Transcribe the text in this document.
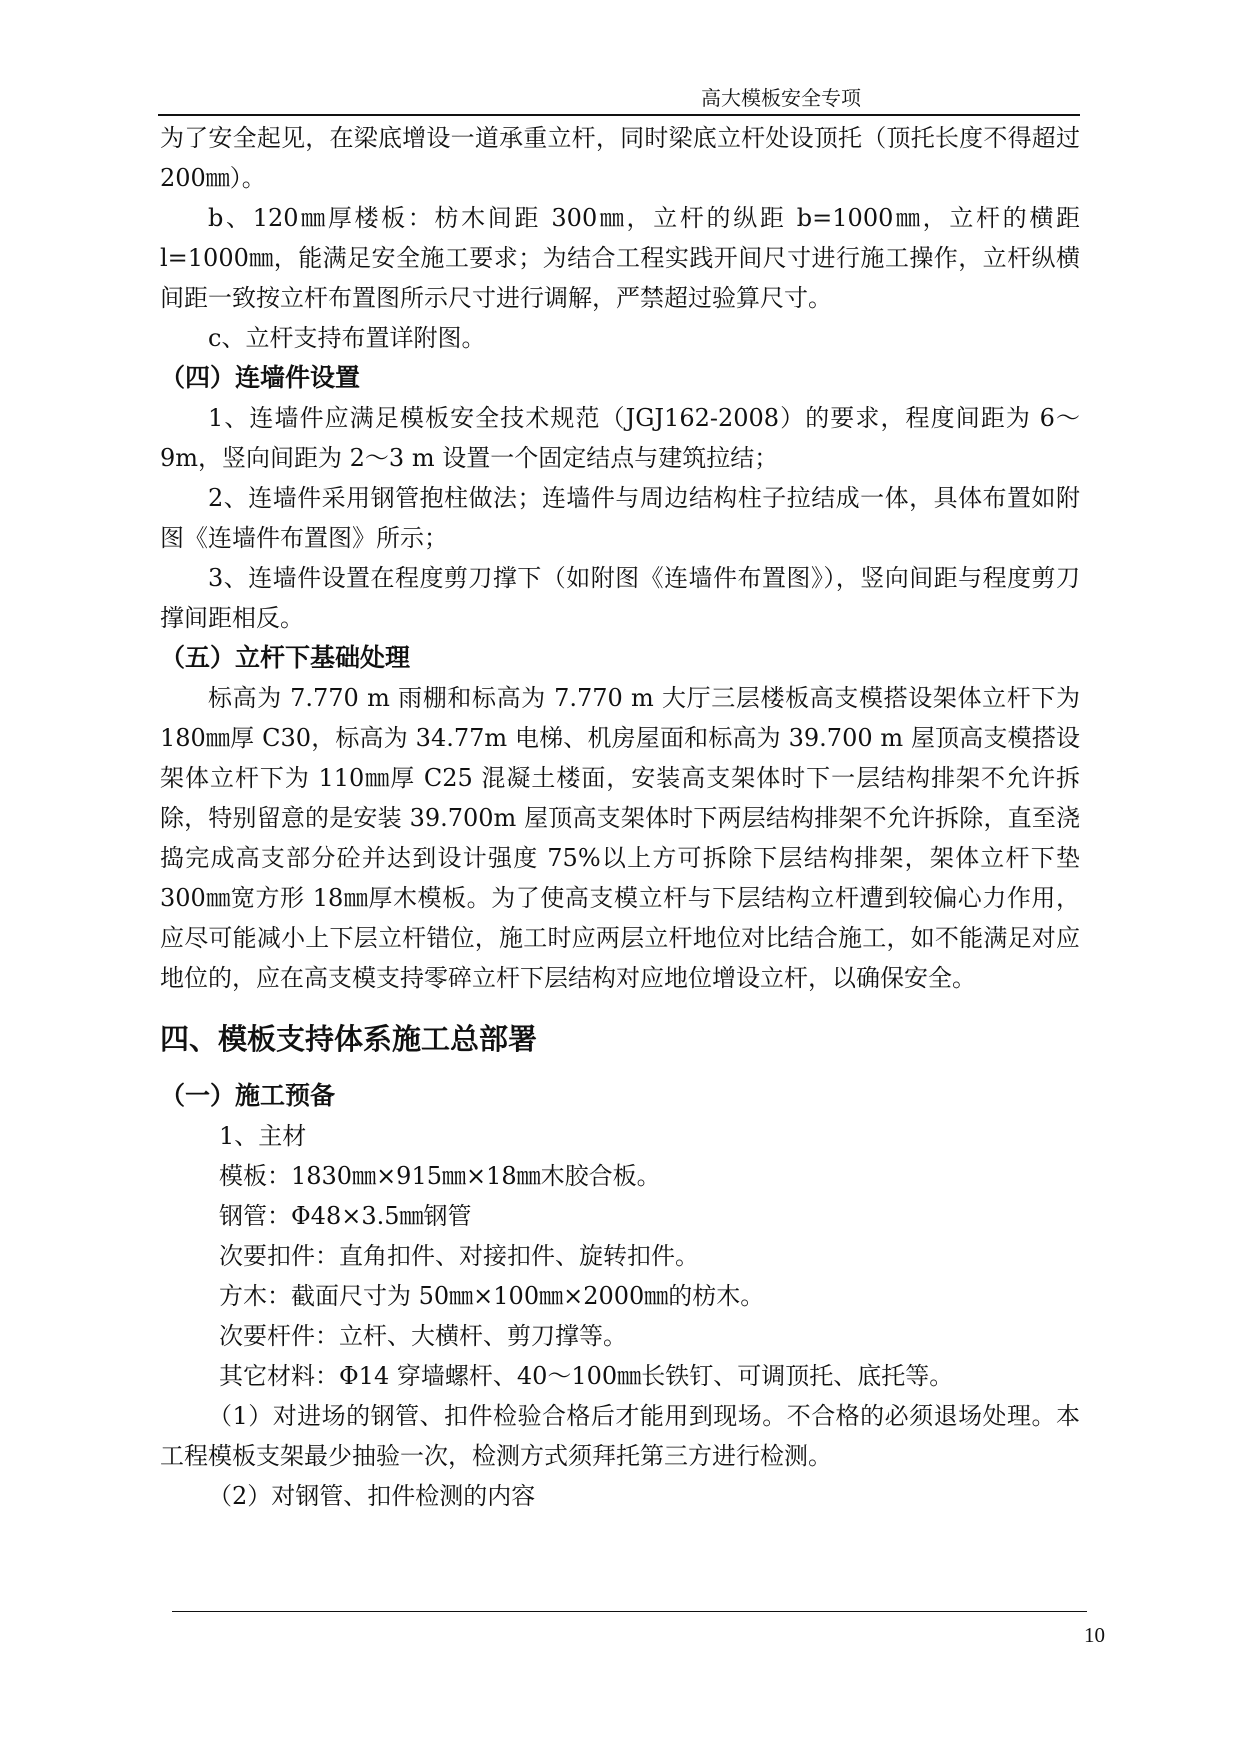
高大模板安全专项

为了安全起见，在梁底增设一道承重立杆，同时梁底立杆处设顶托（顶托长度不得超过 200㎜）。

b、120㎜厚楼板：枋木间距 300㎜，立杆的纵距 b=1000㎜，立杆的横距 l=1000㎜，能满足安全施工要求；为结合工程实践开间尺寸进行施工操作，立杆纵横间距一致按立杆布置图所示尺寸进行调解，严禁超过验算尺寸。

c、立杆支持布置详附图。

（四）连墙件设置

1、连墙件应满足模板安全技术规范（JGJ162-2008）的要求，程度间距为 6～9m，竖向间距为 2～3 m 设置一个固定结点与建筑拉结；

2、连墙件采用钢管抱柱做法；连墙件与周边结构柱子拉结成一体，具体布置如附图《连墙件布置图》所示；

3、连墙件设置在程度剪刀撑下（如附图《连墙件布置图》），竖向间距与程度剪刀撑间距相反。

（五）立杆下基础处理

标高为 7.770 m 雨棚和标高为 7.770 m 大厅三层楼板高支模搭设架体立杆下为 180㎜厚 C30，标高为 34.77m 电梯、机房屋面和标高为 39.700 m 屋顶高支模搭设架体立杆下为 110㎜厚 C25 混凝土楼面，安装高支架体时下一层结构排架不允许拆除，特别留意的是安装 39.700m 屋顶高支架体时下两层结构排架不允许拆除，直至浇捣完成高支部分砼并达到设计强度 75%以上方可拆除下层结构排架，架体立杆下垫 300㎜宽方形 18㎜厚木模板。为了使高支模立杆与下层结构立杆遭到较偏心力作用，应尽可能减小上下层立杆错位，施工时应两层立杆地位对比结合施工，如不能满足对应地位的，应在高支模支持零碎立杆下层结构对应地位增设立杆，以确保安全。

四、模板支持体系施工总部署

（一）施工预备

1、主材

模板：1830㎜×915㎜×18㎜木胶合板。

钢管：Φ48×3.5㎜钢管

次要扣件：直角扣件、对接扣件、旋转扣件。

方木：截面尺寸为 50㎜×100㎜×2000㎜的枋木。

次要杆件：立杆、大横杆、剪刀撑等。

其它材料：Φ14 穿墙螺杆、40～100㎜长铁钉、可调顶托、底托等。

（1）对进场的钢管、扣件检验合格后才能用到现场。不合格的必须退场处理。本工程模板支架最少抽验一次，检测方式须拜托第三方进行检测。

（2）对钢管、扣件检测的内容

10
